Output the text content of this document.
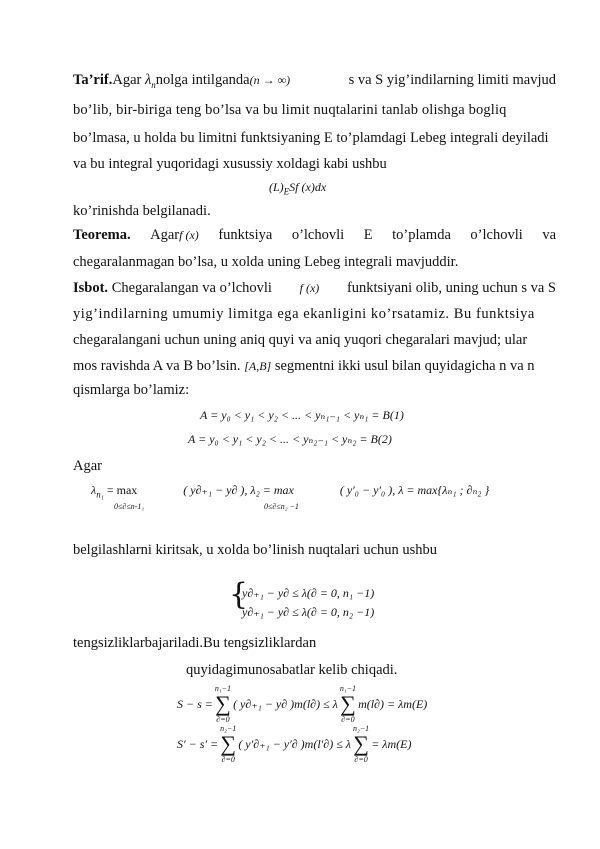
Ta’rif.Agar $\lambda_nnolga$ intilganda(n → ∞)	s va S yig’indilarning limiti mavjud
bo’lib, bir-biriga teng bo’lsa va bu limit nuqtalarini tanlab olishga bogliq
bo’lmasa, u holda bu limitni funktsiyaning E to’plamdagi Lebeg integrali deyiladi
va bu integral yuqoridagi xusussiy xoldagi kabi ushbu
$(L)_ESf$ (x)dx
ko’rinishda belgilanadi.
Teorema. Agarf (x) funktsiya o’lchovli E to’plamda o’lchovli va
chegaralanmagan bo’lsa, u xolda uning Lebeg integrali mavjuddir.
Isbot. Chegaralangan va o’lchovli f (x) funktsiyani olib, uning uchun s va S
yig’indilarning umumiy limitga ega ekanligini ko’rsatamiz. Bu funktsiya
chegaralangani uchun uning aniq quyi va aniq yuqori chegaralari mavjud; ular
mos ravishda A va B bo’lsin. [A,B] segmentni ikki usul bilan quyidagicha n va n
qismlarga bo’lamiz:
A = y₀ < y₁ < y₂ < ... < yₙ₁₋₁ < yₙ₁ = B(1)
A = y₀ < y₁ < y₂ < ... < yₙ₂₋₁ < yₙ₂ = B(2)
Agar
$\lambda_{n_1} = \max$	( y∂₊₁ − y∂ ), λ₂ = max	( y′₀ − y′₀ ), λ = max{λₙ₁ ; ∂ₙ₂ }
0≤∂≤n-1₁	0≤∂≤n₂ −1
belgilashlarni kiritsak, u xolda bo’linish nuqtalari uchun ushbu
{
y∂₊₁ − y∂ ≤ λ(∂ = 0, n₁ −1)
y∂₊₁ − y∂ ≤ λ(∂ = 0, n₂ −1)
tengsizliklarbajariladi.Bu tengsizliklardan
quyidagimunosabatlar kelib chiqadi.
S − s =
n₁−1
∑
∂=0
( y∂₊₁ − y∂ )m(l∂) ≤ λ
n₁−1
∑
∂=0
m(l∂) = λm(E)
S′ − s′ =
n₂−1
∑
∂=0
( y′∂₊₁ − y′∂ )m(l′∂) ≤ λ
n₂−1
∑
∂=0
= λm(E)
